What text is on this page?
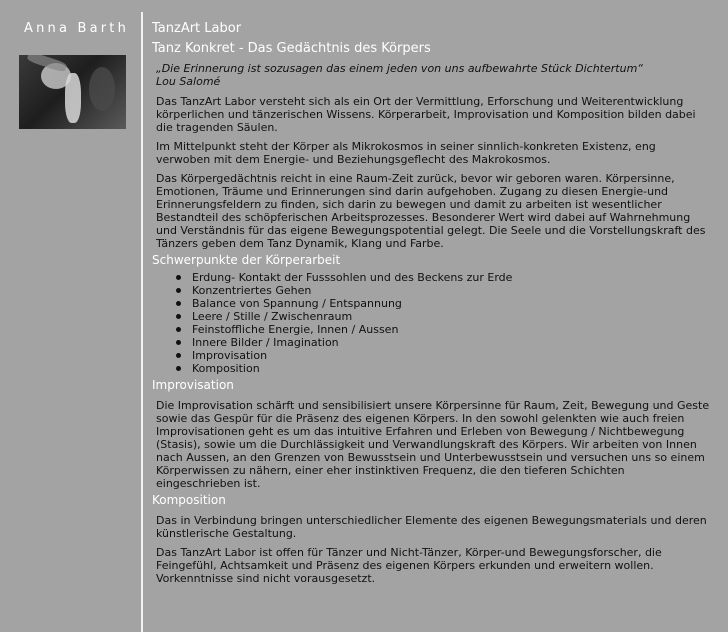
Anna Barth TanzArt Labor
Tanz Konkret - Das Gedächtnis des Körpers
„Die Erinnerung ist sozusagen das einem jeden von uns aufbewahrte Stück Dichtertum“
Lou Salomé

Das TanzArt Labor versteht sich als ein Ort der Vermittlung, Erforschung und Weiterentwicklung körperlichen und tänzerischen Wissens. Körperarbeit, Improvisation und Komposition bilden dabei die tragenden Säulen.

Im Mittelpunkt steht der Körper als Mikrokosmos in seiner sinnlich-konkreten Existenz, eng verwoben mit dem Energie- und Beziehungsgeflecht des Makrokosmos.

Das Körpergedächtnis reicht in eine Raum-Zeit zurück, bevor wir geboren waren. Körpersinne, Emotionen, Träume und Erinnerungen sind darin aufgehoben. Zugang zu diesen Energie-und Erinnerungsfeldern zu finden, sich darin zu bewegen und damit zu arbeiten ist wesentlicher Bestandteil des schöpferischen Arbeitsprozesses. Besonderer Wert wird dabei auf Wahrnehmung und Verständnis für das eigene Bewegungspotential gelegt. Die Seele und die Vorstellungskraft des Tänzers geben dem Tanz Dynamik, Klang und Farbe.

Schwerpunkte der Körperarbeit
Erdung- Kontakt der Fusssohlen und des Beckens zur Erde
Konzentriertes Gehen
Balance von Spannung / Entspannung
Leere / Stille / Zwischenraum
Feinstoffliche Energie, Innen / Aussen
Innere Bilder / Imagination
Improvisation
Komposition
Improvisation

Die Improvisation schärft und sensibilisiert unsere Körpersinne für Raum, Zeit, Bewegung und Geste sowie das Gespür für die Präsenz des eigenen Körpers. In den sowohl gelenkten wie auch freien Improvisationen geht es um das intuitive Erfahren und Erleben von Bewegung / Nichtbewegung (Stasis), sowie um die Durchlässigkeit und Verwandlungskraft des Körpers. Wir arbeiten von Innen nach Aussen, an den Grenzen von Bewusstsein und Unterbewusstsein und versuchen uns so einem Körperwissen zu nähern, einer eher instinktiven Frequenz, die den tieferen Schichten eingeschrieben ist.

Komposition

Das in Verbindung bringen unterschiedlicher Elemente des eigenen Bewegungsmaterials und deren künstlerische Gestaltung.

Das TanzArt Labor ist offen für Tänzer und Nicht-Tänzer, Körper-und Bewegungsforscher, die Feingefühl, Achtsamkeit und Präsenz des eigenen Körpers erkunden und erweitern wollen. Vorkenntnisse sind nicht vorausgesetzt.
